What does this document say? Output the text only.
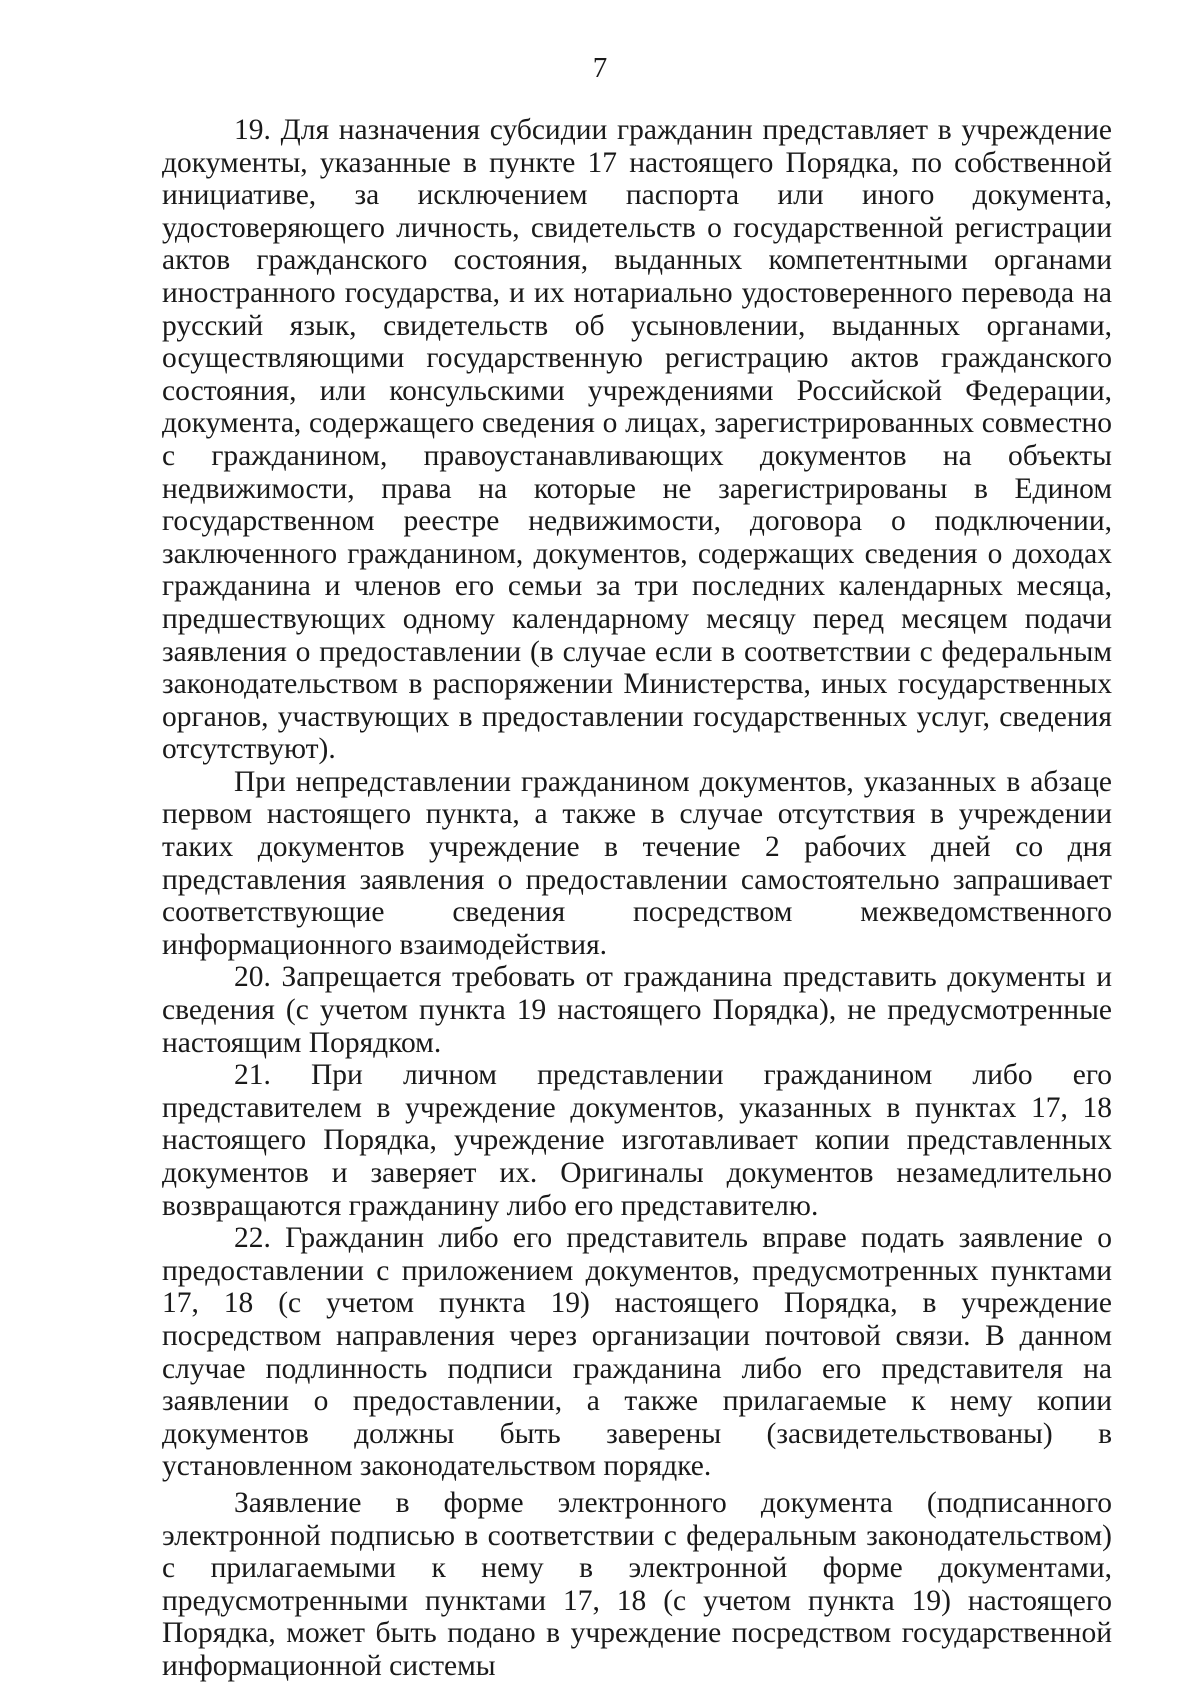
7

19. Для назначения субсидии гражданин представляет в учреждение документы, указанные в пункте 17 настоящего Порядка, по собственной инициативе, за исключением паспорта или иного документа, удостоверяющего личность, свидетельств о государственной регистрации актов гражданского состояния, выданных компетентными органами иностранного государства, и их нотариально удостоверенного перевода на русский язык, свидетельств об усыновлении, выданных органами, осуществляющими государственную регистрацию актов гражданского состояния, или консульскими учреждениями Российской Федерации, документа, содержащего сведения о лицах, зарегистрированных совместно с гражданином, правоустанавливающих документов на объекты недвижимости, права на которые не зарегистрированы в Едином государственном реестре недвижимости, договора о подключении, заключенного гражданином, документов, содержащих сведения о доходах гражданина и членов его семьи за три последних календарных месяца, предшествующих одному календарному месяцу перед месяцем подачи заявления о предоставлении (в случае если в соответствии с федеральным законодательством в распоряжении Министерства, иных государственных органов, участвующих в предоставлении государственных услуг, сведения отсутствуют).

При непредставлении гражданином документов, указанных в абзаце первом настоящего пункта, а также в случае отсутствия в учреждении таких документов учреждение в течение 2 рабочих дней со дня представления заявления о предоставлении самостоятельно запрашивает соответствующие сведения посредством межведомственного информационного взаимодействия.

20. Запрещается требовать от гражданина представить документы и сведения (с учетом пункта 19 настоящего Порядка), не предусмотренные настоящим Порядком.

21. При личном представлении гражданином либо его представителем в учреждение документов, указанных в пунктах 17, 18 настоящего Порядка, учреждение изготавливает копии представленных документов и заверяет их. Оригиналы документов незамедлительно возвращаются гражданину либо его представителю.

22. Гражданин либо его представитель вправе подать заявление о предоставлении с приложением документов, предусмотренных пунктами 17, 18 (с учетом пункта 19) настоящего Порядка, в учреждение посредством направления через организации почтовой связи. В данном случае подлинность подписи гражданина либо его представителя на заявлении о предоставлении, а также прилагаемые к нему копии документов должны быть заверены (засвидетельствованы) в установленном законодательством порядке.

Заявление в форме электронного документа (подписанного электронной подписью в соответствии с федеральным законодательством) с прилагаемыми к нему в электронной форме документами, предусмотренными пунктами 17, 18 (с учетом пункта 19) настоящего Порядка, может быть подано в учреждение посредством государственной информационной системы
